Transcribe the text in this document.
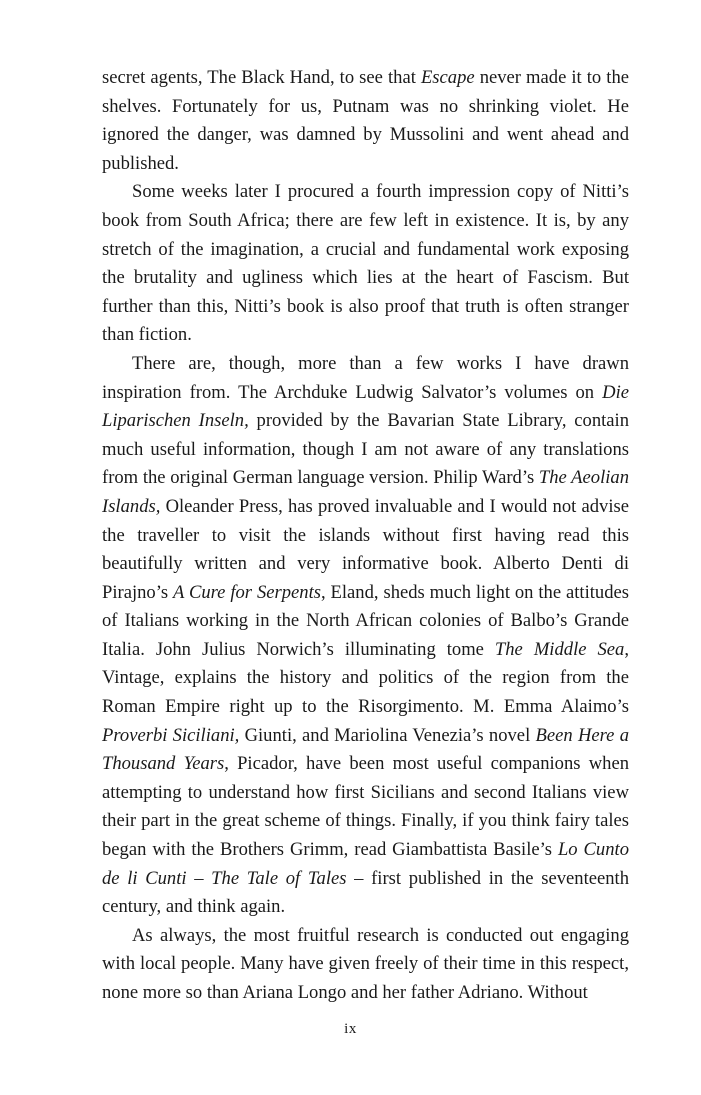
secret agents, The Black Hand, to see that Escape never made it to the shelves. Fortunately for us, Putnam was no shrinking violet. He ignored the danger, was damned by Mussolini and went ahead and published.

Some weeks later I procured a fourth impression copy of Nitti’s book from South Africa; there are few left in existence. It is, by any stretch of the imagination, a crucial and fundamental work exposing the brutality and ugliness which lies at the heart of Fascism. But further than this, Nitti’s book is also proof that truth is often stranger than fiction.

There are, though, more than a few works I have drawn inspiration from. The Archduke Ludwig Salvator’s volumes on Die Liparischen Inseln, provided by the Bavarian State Library, contain much useful information, though I am not aware of any translations from the original German language version. Philip Ward’s The Aeolian Islands, Oleander Press, has proved invaluable and I would not advise the traveller to visit the islands without first having read this beautifully written and very informative book. Alberto Denti di Pirajno’s A Cure for Serpents, Eland, sheds much light on the attitudes of Italians working in the North African colonies of Balbo’s Grande Italia. John Julius Norwich’s illuminating tome The Middle Sea, Vintage, explains the history and politics of the region from the Roman Empire right up to the Risorgimento. M. Emma Alaimo’s Proverbi Siciliani, Giunti, and Mariolina Venezia’s novel Been Here a Thousand Years, Picador, have been most useful companions when attempting to understand how first Sicilians and second Italians view their part in the great scheme of things. Finally, if you think fairy tales began with the Brothers Grimm, read Giambattista Basile’s Lo Cunto de li Cunti – The Tale of Tales – first published in the seventeenth century, and think again.

As always, the most fruitful research is conducted out engaging with local people. Many have given freely of their time in this respect, none more so than Ariana Longo and her father Adriano. Without

ix
